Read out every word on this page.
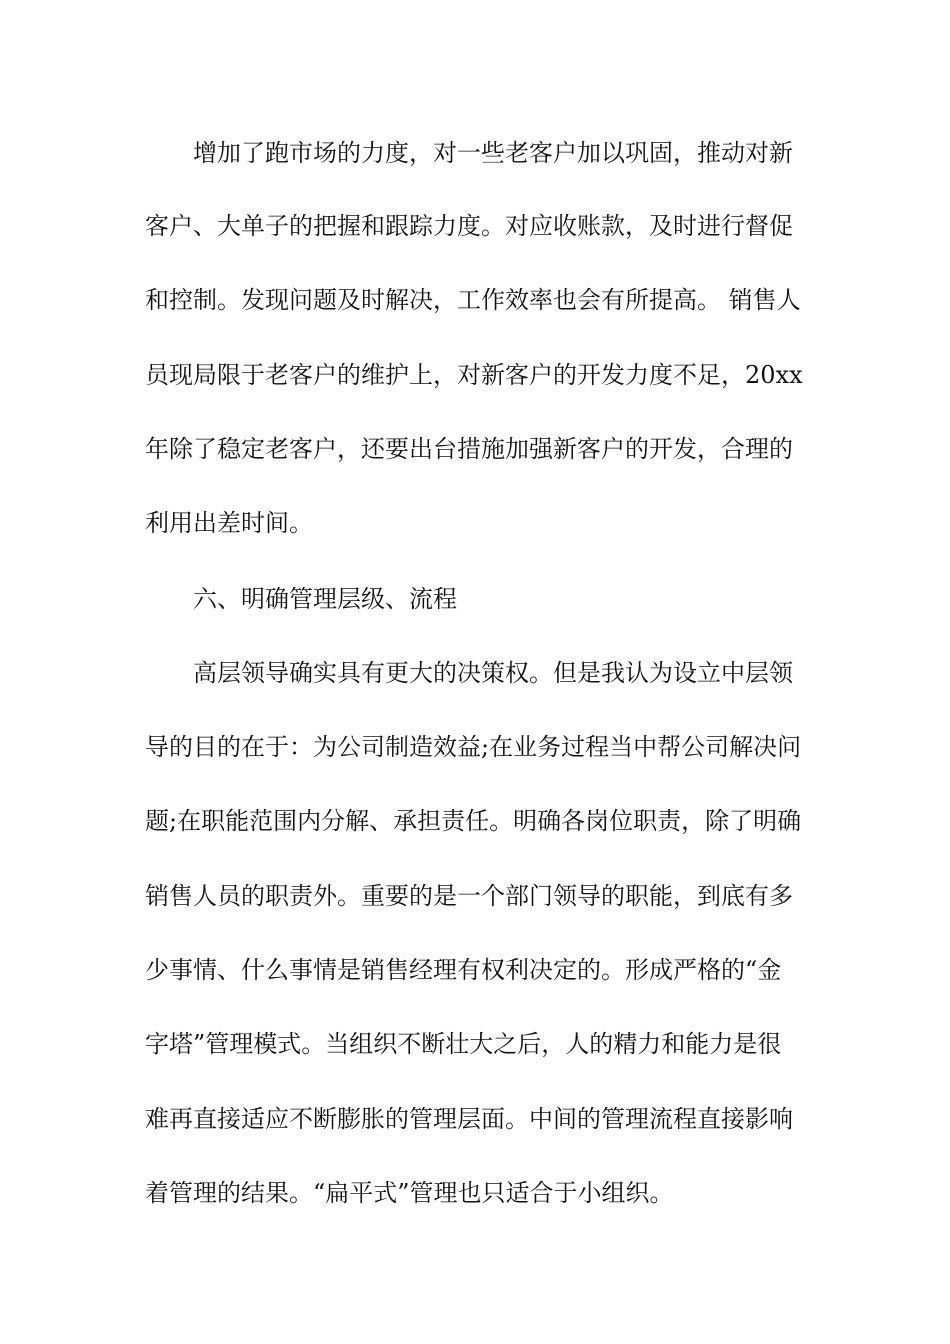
增加了跑市场的力度，对一些老客户加以巩固，推动对新
客户、大单子的把握和跟踪力度。对应收账款，及时进行督促
和控制。发现问题及时解决，工作效率也会有所提高。 销售人
员现局限于老客户的维护上，对新客户的开发力度不足，20xx
年除了稳定老客户，还要出台措施加强新客户的开发，合理的
利用出差时间。
六、明确管理层级、流程
高层领导确实具有更大的决策权。但是我认为设立中层领
导的目的在于：为公司制造效益;在业务过程当中帮公司解决问
题;在职能范围内分解、承担责任。明确各岗位职责，除了明确
销售人员的职责外。重要的是一个部门领导的职能，到底有多
少事情、什么事情是销售经理有权利决定的。形成严格的“金
字塔”管理模式。当组织不断壮大之后，人的精力和能力是很
难再直接适应不断膨胀的管理层面。中间的管理流程直接影响
着管理的结果。“扁平式”管理也只适合于小组织。
